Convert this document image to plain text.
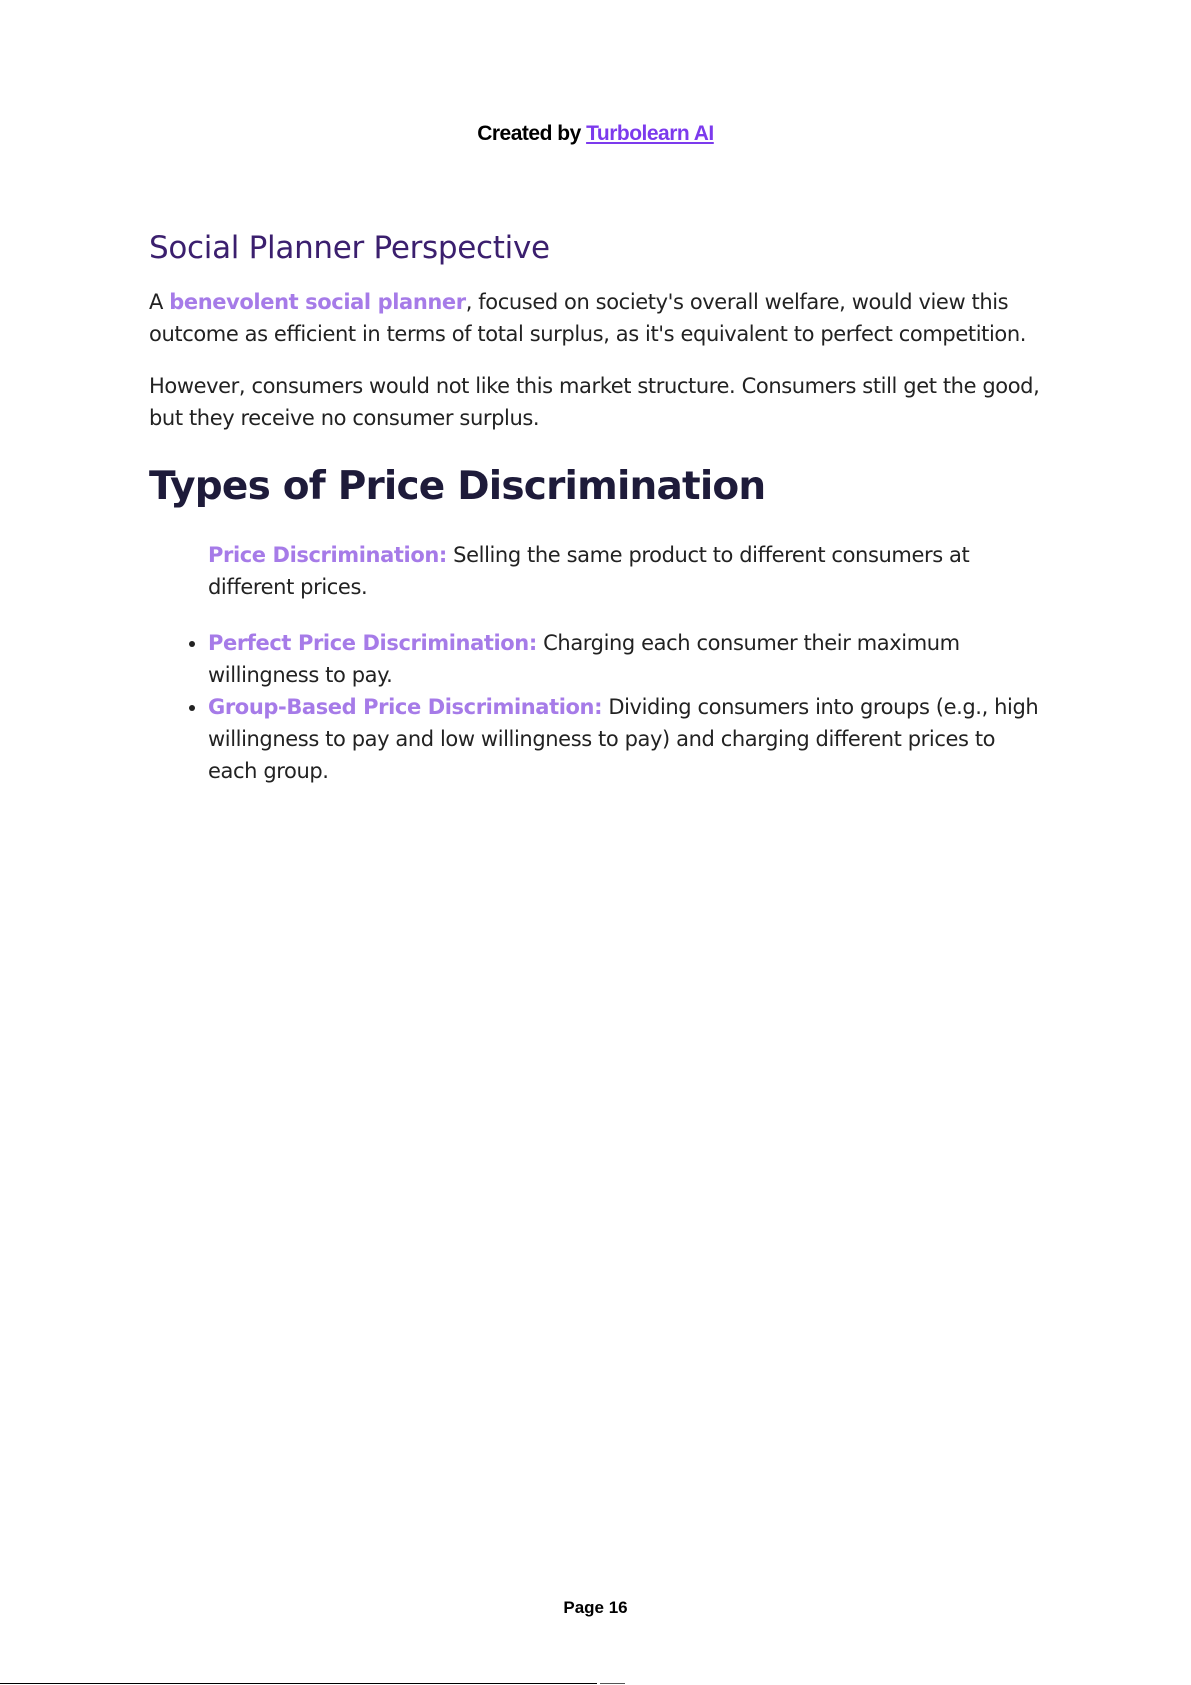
Created by Turbolearn AI
Social Planner Perspective

A benevolent social planner, focused on society's overall welfare, would view this outcome as efficient in terms of total surplus, as it's equivalent to perfect competition.

However, consumers would not like this market structure. Consumers still get the good, but they receive no consumer surplus.

Types of Price Discrimination
Price Discrimination: Selling the same product to different consumers at different prices.
• Perfect Price Discrimination: Charging each consumer their maximum willingness to pay.
• Group-Based Price Discrimination: Dividing consumers into groups (e.g., high willingness to pay and low willingness to pay) and charging different prices to each group.
Page 16
